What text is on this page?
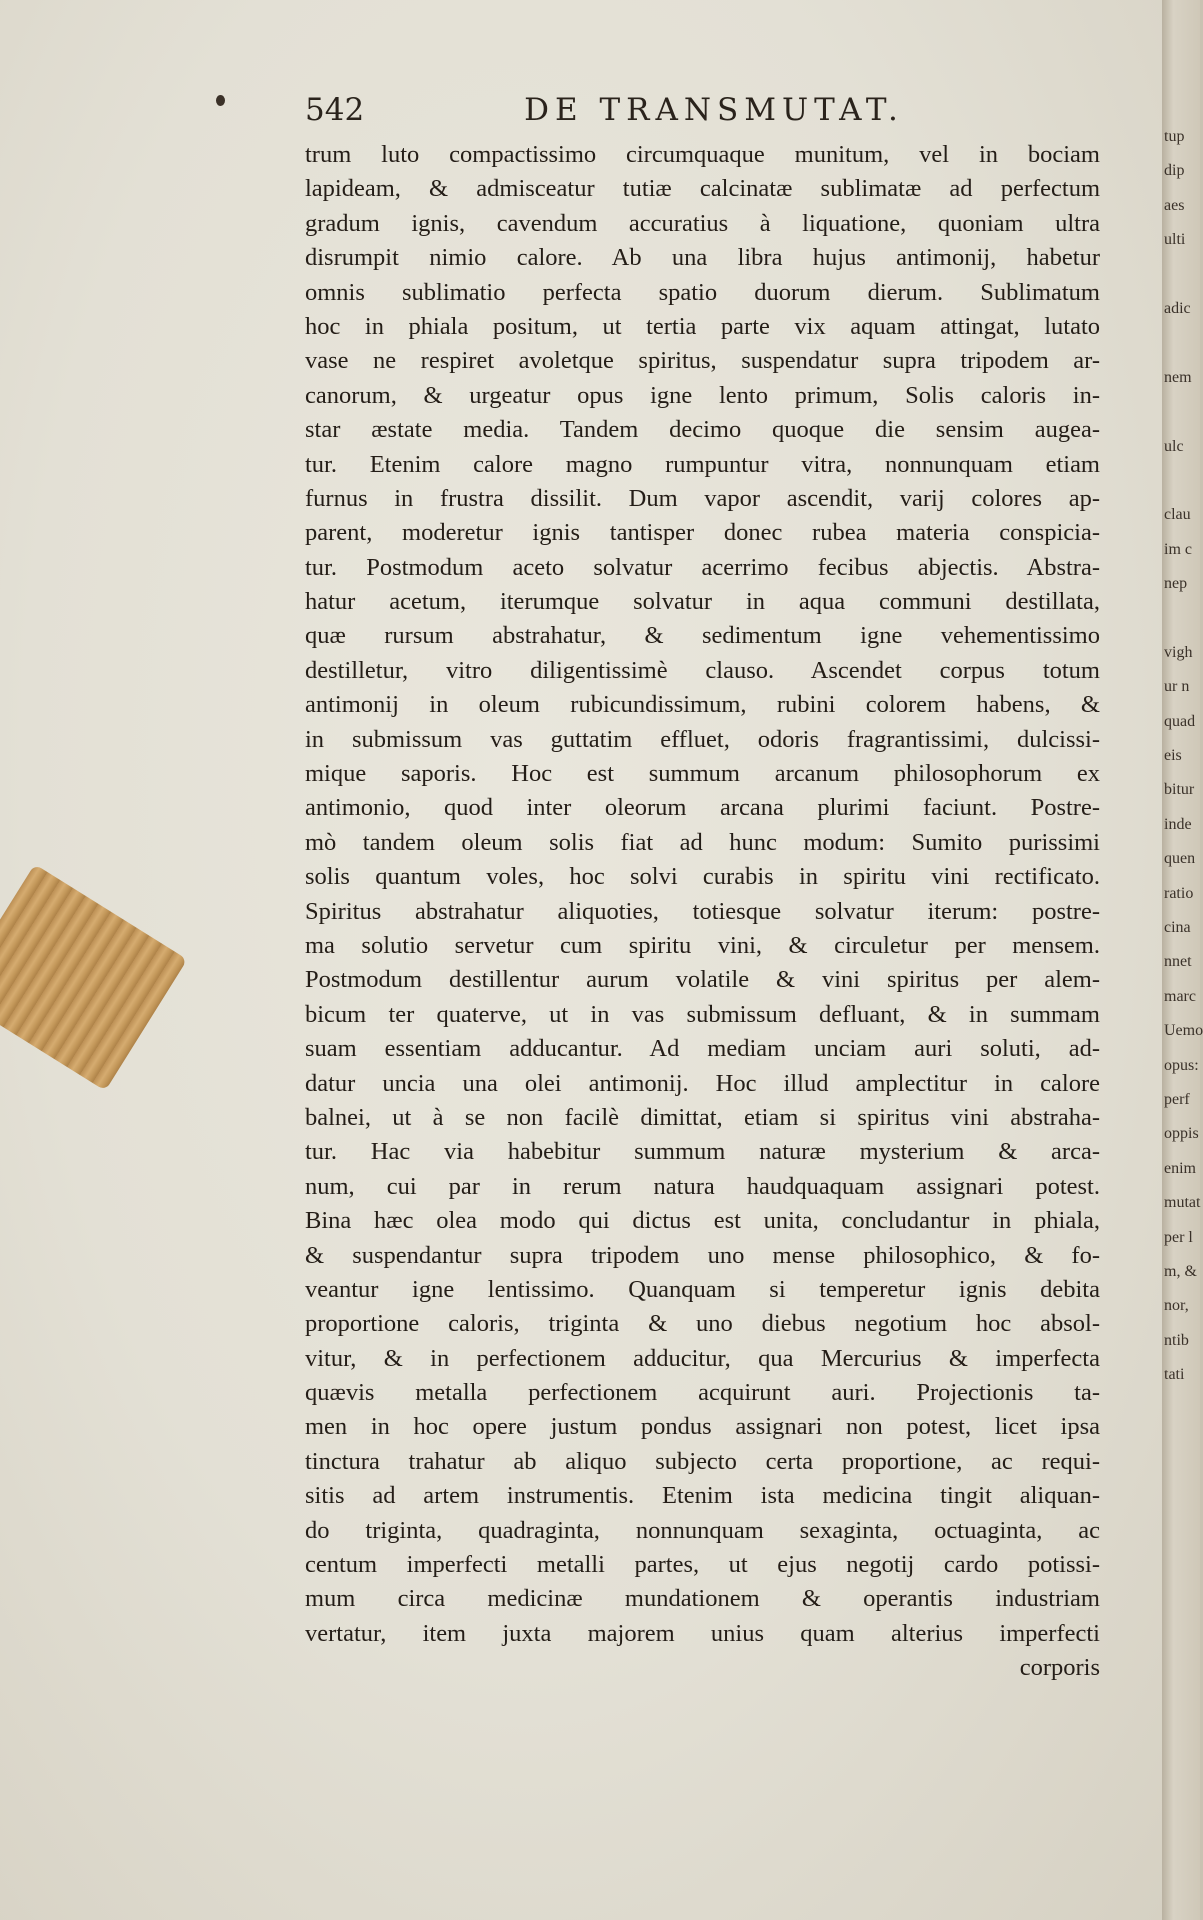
542	DE TRANSMUTAT.
trum luto compactissimo circumquaque munitum, vel in bociam
lapideam, & admisceatur tutiæ calcinatæ sublimatæ ad perfectum
gradum ignis, cavendum accuratius à liquatione, quoniam ultra
disrumpit nimio calore. Ab una libra hujus antimonij, habetur
omnis sublimatio perfecta spatio duorum dierum. Sublimatum
hoc in phiala positum, ut tertia parte vix aquam attingat, lutato
vase ne respiret avoletque spiritus, suspendatur supra tripodem ar-
canorum, & urgeatur opus igne lento primum, Solis caloris in-
star æstate media. Tandem decimo quoque die sensim augea-
tur. Etenim calore magno rumpuntur vitra, nonnunquam etiam
furnus in frustra dissilit. Dum vapor ascendit, varij colores ap-
parent, moderetur ignis tantisper donec rubea materia conspicia-
tur. Postmodum aceto solvatur acerrimo fecibus abjectis. Abstra-
hatur acetum, iterumque solvatur in aqua communi destillata,
quæ rursum abstrahatur, & sedimentum igne vehementissimo
destilletur, vitro diligentissimè clauso. Ascendet corpus totum
antimonij in oleum rubicundissimum, rubini colorem habens, &
in submissum vas guttatim effluet, odoris fragrantissimi, dulcissi-
mique saporis. Hoc est summum arcanum philosophorum ex
antimonio, quod inter oleorum arcana plurimi faciunt. Postre-
mò tandem oleum solis fiat ad hunc modum: Sumito purissimi
solis quantum voles, hoc solvi curabis in spiritu vini rectificato.
Spiritus abstrahatur aliquoties, totiesque solvatur iterum: postre-
ma solutio servetur cum spiritu vini, & circuletur per mensem.
Postmodum destillentur aurum volatile & vini spiritus per alem-
bicum ter quaterve, ut in vas submissum defluant, & in summam
suam essentiam adducantur. Ad mediam unciam auri soluti, ad-
datur uncia una olei antimonij. Hoc illud amplectitur in calore
balnei, ut à se non facilè dimittat, etiam si spiritus vini abstraha-
tur. Hac via habebitur summum naturæ mysterium & arca-
num, cui par in rerum natura haudquaquam assignari potest.
Bina hæc olea modo qui dictus est unita, concludantur in phiala,
& suspendantur supra tripodem uno mense philosophico, & fo-
veantur igne lentissimo. Quanquam si temperetur ignis debita
proportione caloris, triginta & uno diebus negotium hoc absol-
vitur, & in perfectionem adducitur, qua Mercurius & imperfecta
quævis metalla perfectionem acquirunt auri. Projectionis ta-
men in hoc opere justum pondus assignari non potest, licet ipsa
tinctura trahatur ab aliquo subjecto certa proportione, ac requi-
sitis ad artem instrumentis. Etenim ista medicina tingit aliquan-
do triginta, quadraginta, nonnunquam sexaginta, octuaginta, ac
centum imperfecti metalli partes, ut ejus negotij cardo potissi-
mum circa medicinæ mundationem & operantis industriam
vertatur, item juxta majorem unius quam alterius imperfecti
corporis
tup
dip
aes
ulti
adic
nem
ulc
clau
im c
nep
vigh
ur n
quad
eis
bitur
inde
quen
ratio
cina
nnet
marc
Uemo
opus:
perf
oppis
enim
mutat
per l
m, &
nor,
ntib
tati
